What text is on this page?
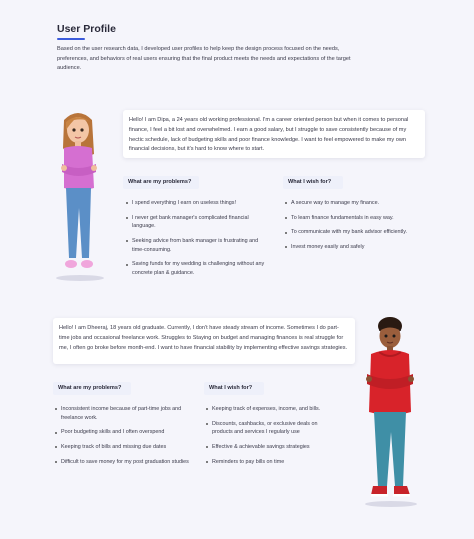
User Profile

Based on the user research data, I developed user profiles to help keep the design process focused on the needs, preferences, and behaviors of real users ensuring that the final product meets the needs and expectations of the target audience.

Hello! I am Dipa, a 24 years old working professional. I'm a career oriented person but when it comes to personal finance, I feel a bit lost and overwhelmed. I earn a good salary, but I struggle to save consistently because of my hectic schedule, lack of budgeting skills and poor finance knowledge. I want to feel empowered to make my own financial decisions, but it's hard to know where to start.
What are my problems?
I spend everything I earn on useless things!
I never get bank manager's complicated financial language.
Seeking advice from bank manager is frustrating and time-consuming.
Saving funds for my wedding is challenging without any concrete plan & guidance.
What I wish for?
A secure way to manage my finance.
To learn finance fundamentals in easy way.
To communicate with my bank advisor efficiently.
Invest money easily and safely
Hello! I am Dheeraj, 18 years old graduate. Currently, I don't have steady stream of income. Sometimes I do part-time jobs and occasional freelance work. Struggles to Staying on budget and managing finances is real struggle for me, I often go broke before month-end. I want to have financial stability by implementing effective savings strategies.
What are my problems?
Inconsistent income because of part-time jobs and freelance work.
Poor budgeting skills and I often overspend
Keeping track of bills and missing due dates
Difficult to save money for my post graduation studies
What I wish for?
Keeping track of expenses, income, and bills.
Discounts, cashbacks, or exclusive deals on products and services I regularly use
Effective & achievable savings strategies
Reminders to pay bills on time
